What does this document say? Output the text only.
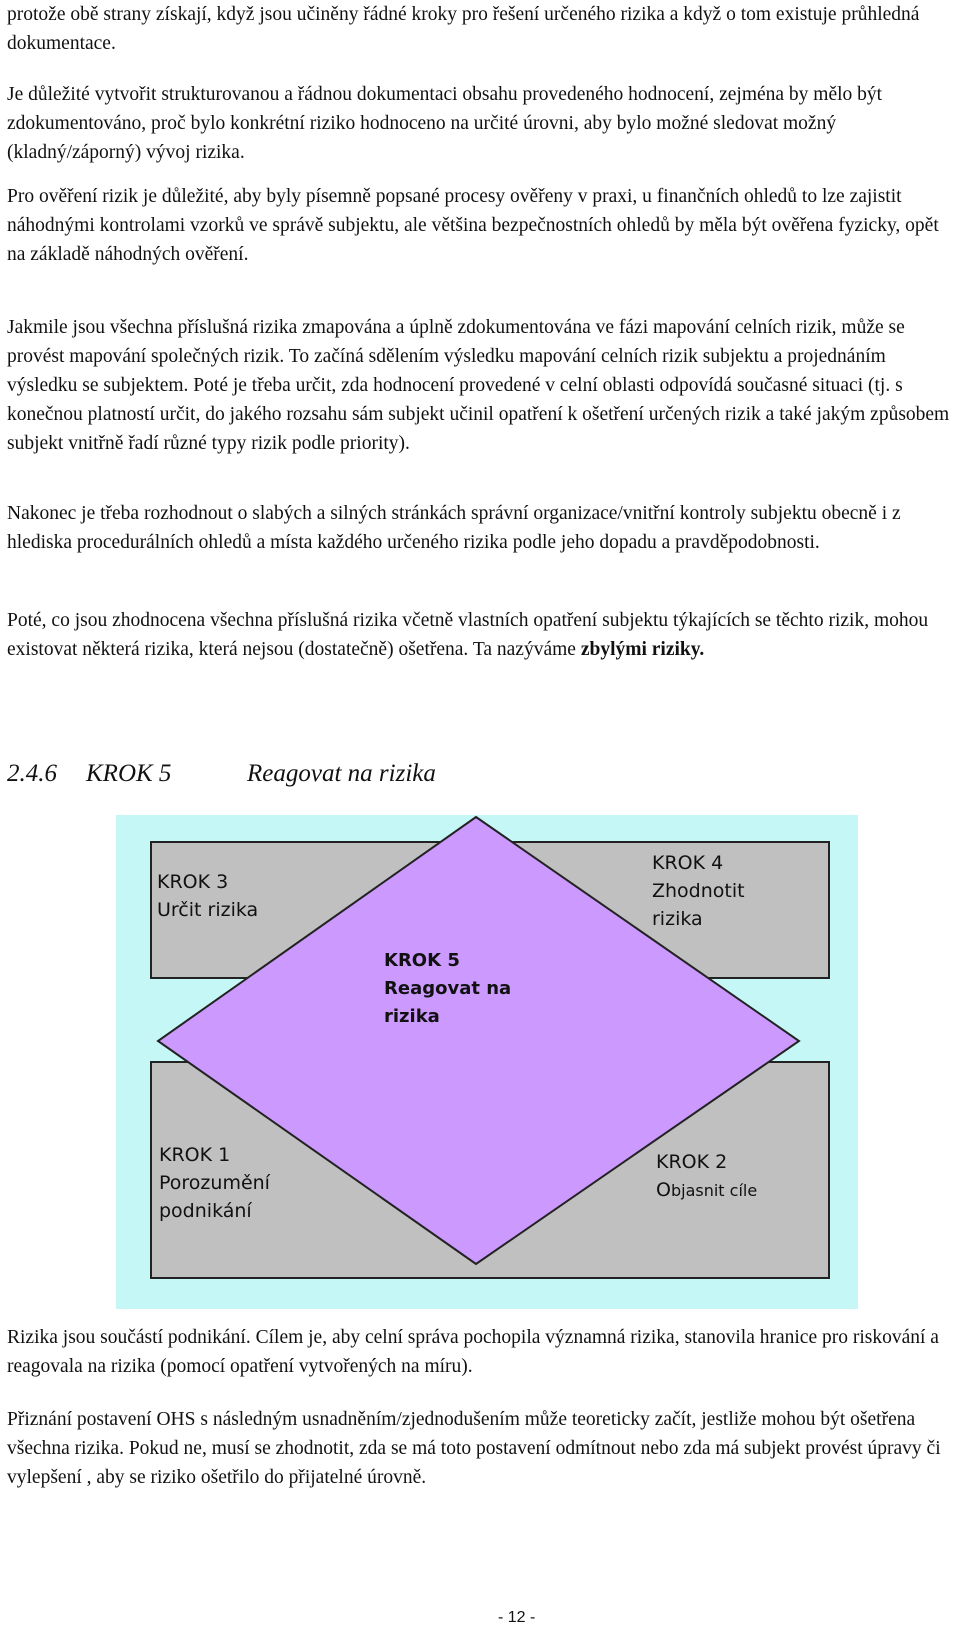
protože obě strany získají, když jsou učiněny řádné kroky pro řešení určeného rizika a když o tom existuje průhledná dokumentace.

Je důležité vytvořit strukturovanou a řádnou dokumentaci obsahu provedeného hodnocení, zejména by mělo být zdokumentováno, proč bylo konkrétní riziko hodnoceno na určité úrovni, aby bylo možné sledovat možný (kladný/záporný) vývoj rizika.

Pro ověření rizik je důležité, aby byly písemně popsané procesy ověřeny v praxi, u finančních ohledů to lze zajistit náhodnými kontrolami vzorků ve správě subjektu, ale většina bezpečnostních ohledů by měla být ověřena fyzicky, opět na základě náhodných ověření.

Jakmile jsou všechna příslušná rizika zmapována a úplně zdokumentována ve fázi mapování celních rizik, může se provést mapování společných rizik. To začíná sdělením výsledku mapování celních rizik subjektu a projednáním výsledku se subjektem. Poté je třeba určit, zda hodnocení provedené v celní oblasti odpovídá současné situaci (tj. s konečnou platností určit, do jakého rozsahu sám subjekt učinil opatření k ošetření určených rizik a také jakým způsobem subjekt vnitřně řadí různé typy rizik podle priority).

Nakonec je třeba rozhodnout o slabých a silných stránkách správní organizace/vnitřní kontroly subjektu obecně i z hlediska procedurálních ohledů a místa každého určeného rizika podle jeho dopadu a pravděpodobnosti.

Poté, co jsou zhodnocena všechna příslušná rizika včetně vlastních opatření subjektu týkajících se těchto rizik, mohou existovat některá rizika, která nejsou (dostatečně) ošetřena. Ta nazýváme zbylými riziky.

2.4.6

KROK 5

	Reagovat na rizika

KROK 3
Určit rizika
KROK 4
Zhodnotit
rizika
KROK 5
Reagovat na
rizika
KROK 1
Porozumění
podnikání
KROK 2
Objasnit cíle

Rizika jsou součástí podnikání. Cílem je, aby celní správa pochopila významná rizika, stanovila hranice pro riskování a reagovala na rizika (pomocí opatření vytvořených na míru).

Přiznání postavení OHS s následným usnadněním/zjednodušením může teoreticky začít, jestliže mohou být ošetřena všechna rizika. Pokud ne, musí se zhodnotit, zda se má toto postavení odmítnout nebo zda má subjekt provést úpravy či vylepšení , aby se riziko ošetřilo do přijatelné úrovně.

- 12 -
